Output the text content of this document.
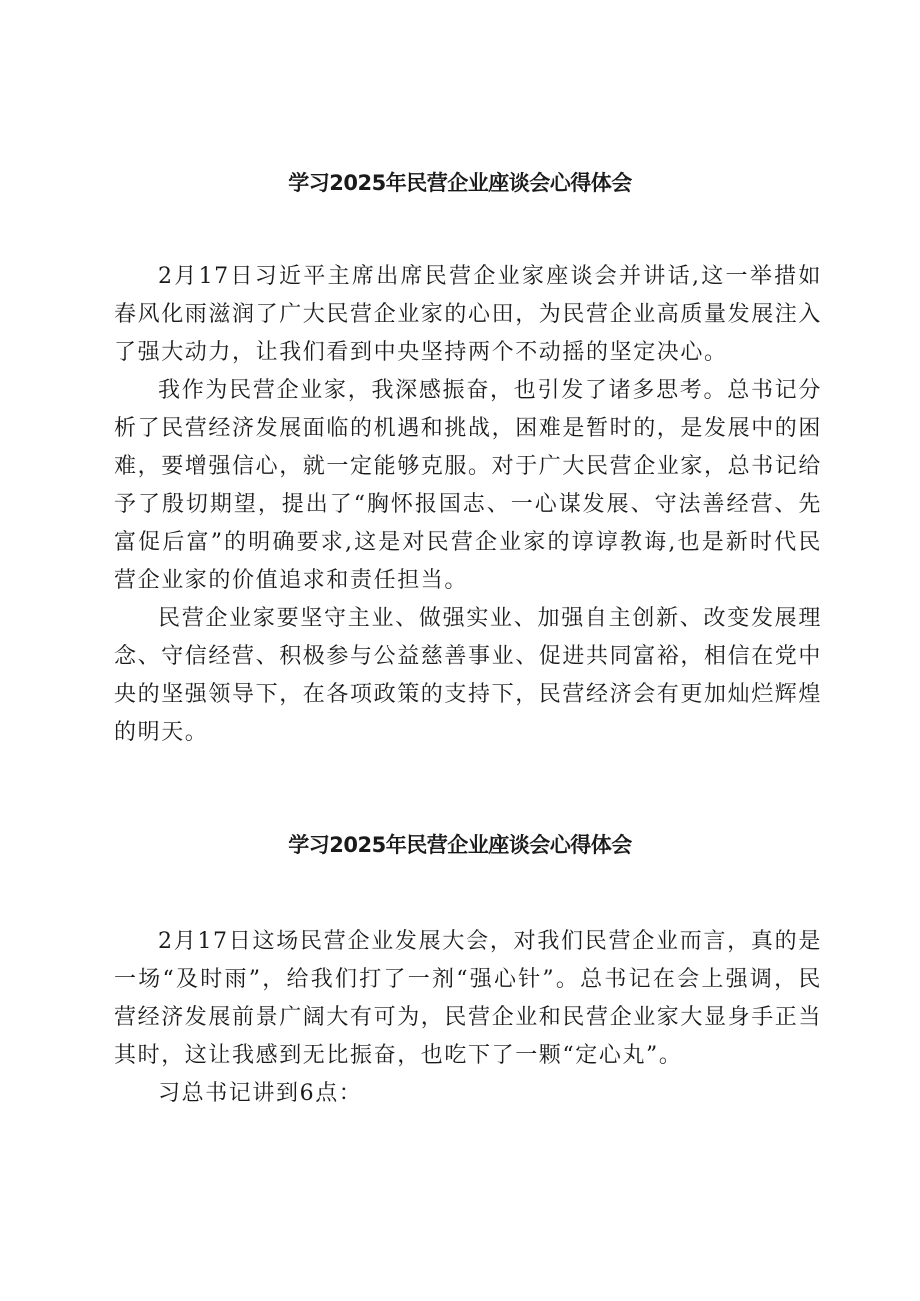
学习2025年民营企业座谈会心得体会

2月17日习近平主席出席民营企业家座谈会并讲话,这一举措如春风化雨滋润了广大民营企业家的心田，为民营企业高质量发展注入了强大动力，让我们看到中央坚持两个不动摇的坚定决心。

我作为民营企业家，我深感振奋，也引发了诸多思考。总书记分析了民营经济发展面临的机遇和挑战，困难是暂时的，是发展中的困难，要增强信心，就一定能够克服。对于广大民营企业家，总书记给予了殷切期望，提出了“胸怀报国志、一心谋发展、守法善经营、先富促后富”的明确要求,这是对民营企业家的谆谆教诲,也是新时代民营企业家的价值追求和责任担当。

民营企业家要坚守主业、做强实业、加强自主创新、改变发展理念、守信经营、积极参与公益慈善事业、促进共同富裕，相信在党中央的坚强领导下，在各项政策的支持下，民营经济会有更加灿烂辉煌的明天。

学习2025年民营企业座谈会心得体会

2月17日这场民营企业发展大会，对我们民营企业而言，真的是一场“及时雨”，给我们打了一剂“强心针”。总书记在会上强调，民营经济发展前景广阔大有可为，民营企业和民营企业家大显身手正当其时，这让我感到无比振奋，也吃下了一颗“定心丸”。

习总书记讲到6点：
